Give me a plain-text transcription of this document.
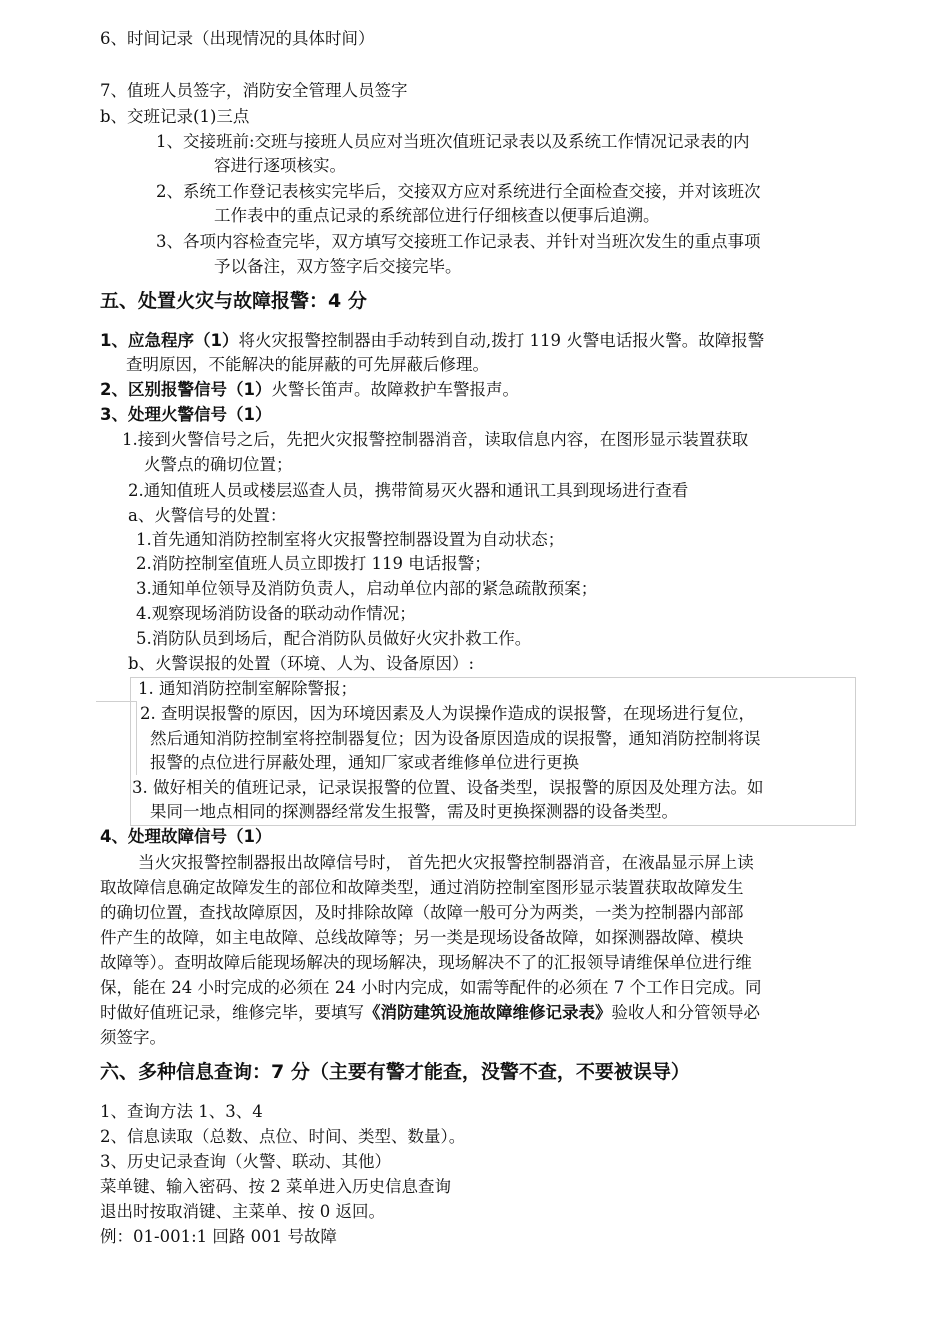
6、时间记录（出现情况的具体时间）
7、值班人员签字，消防安全管理人员签字
b、交班记录(1)三点
1、交接班前:交班与接班人员应对当班次值班记录表以及系统工作情况记录表的内
容进行逐项核实。
2、系统工作登记表核实完毕后，交接双方应对系统进行全面检查交接，并对该班次
工作表中的重点记录的系统部位进行仔细核查以便事后追溯。
3、各项内容检查完毕，双方填写交接班工作记录表、并针对当班次发生的重点事项
予以备注，双方签字后交接完毕。
五、处置火灾与故障报警：4 分
1、应急程序（1）将火灾报警控制器由手动转到自动,拨打 119 火警电话报火警。故障报警
查明原因，不能解决的能屏蔽的可先屏蔽后修理。
2、区别报警信号（1）火警长笛声。故障救护车警报声。
3、处理火警信号（1）
1.接到火警信号之后，先把火灾报警控制器消音，读取信息内容，在图形显示装置获取
火警点的确切位置；
2.通知值班人员或楼层巡查人员，携带简易灭火器和通讯工具到现场进行查看
a、火警信号的处置：
1.首先通知消防控制室将火灾报警控制器设置为自动状态；
2.消防控制室值班人员立即拨打 119 电话报警；
3.通知单位领导及消防负责人，启动单位内部的紧急疏散预案；
4.观察现场消防设备的联动动作情况；
5.消防队员到场后，配合消防队员做好火灾扑救工作。
b、火警误报的处置（环境、人为、设备原因）:
1. 通知消防控制室解除警报；
2. 查明误报警的原因，因为环境因素及人为误操作造成的误报警，在现场进行复位，
然后通知消防控制室将控制器复位；因为设备原因造成的误报警，通知消防控制将误
报警的点位进行屏蔽处理，通知厂家或者维修单位进行更换
3. 做好相关的值班记录，记录误报警的位置、设备类型，误报警的原因及处理方法。如
果同一地点相同的探测器经常发生报警，需及时更换探测器的设备类型。
4、处理故障信号（1）
当火灾报警控制器报出故障信号时， 首先把火灾报警控制器消音，在液晶显示屏上读
取故障信息确定故障发生的部位和故障类型，通过消防控制室图形显示装置获取故障发生
的确切位置，查找故障原因，及时排除故障（故障一般可分为两类，一类为控制器内部部
件产生的故障，如主电故障、总线故障等；另一类是现场设备故障，如探测器故障、模块
故障等）。查明故障后能现场解决的现场解决，现场解决不了的汇报领导请维保单位进行维
保，能在 24 小时完成的必须在 24 小时内完成，如需等配件的必须在 7 个工作日完成。同
时做好值班记录，维修完毕，要填写《消防建筑设施故障维修记录表》验收人和分管领导必
须签字。
六、多种信息查询：7 分（主要有警才能查，没警不查，不要被误导）
1、查询方法 1、3、4
2、信息读取（总数、点位、时间、类型、数量）。
3、历史记录查询（火警、联动、其他）
菜单键、输入密码、按 2 菜单进入历史信息查询
退出时按取消键、主菜单、按 0 返回。
例：01-001:1 回路 001 号故障
